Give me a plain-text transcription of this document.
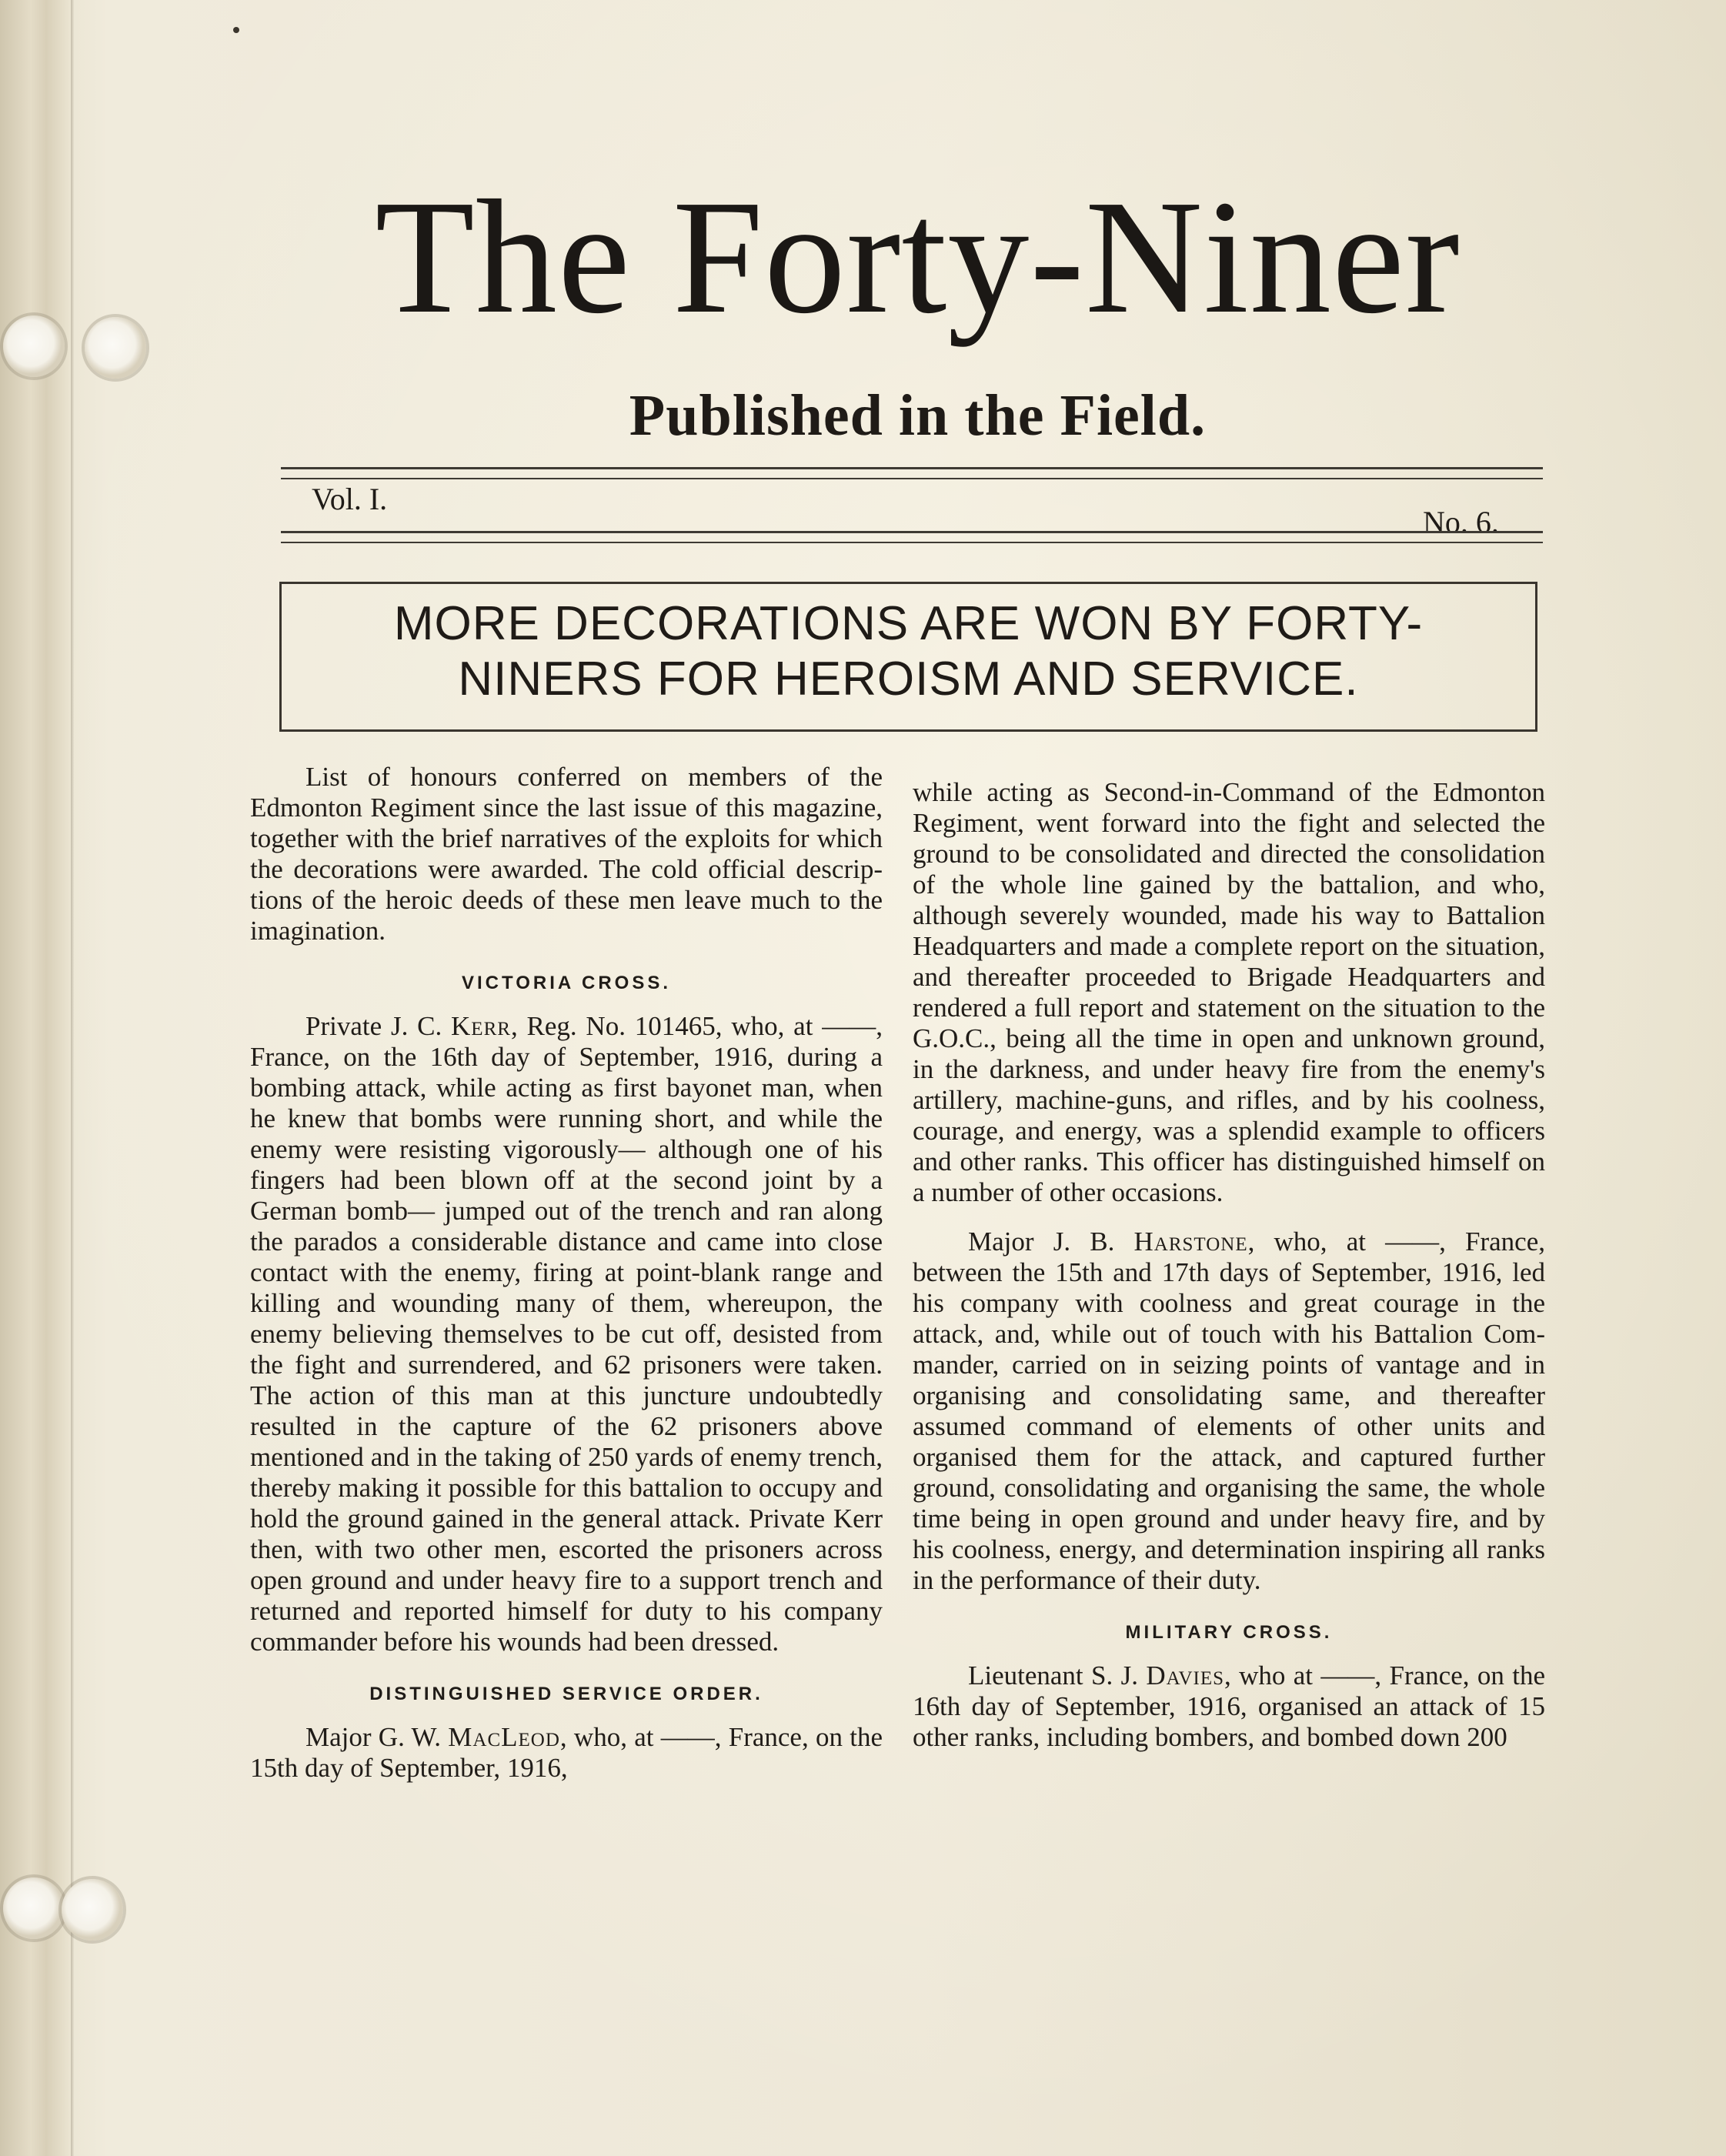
The Forty-Niner
Published in the Field.
Vol. I.
No. 6.
MORE DECORATIONS ARE WON BY FORTY-
NINERS FOR HEROISM AND SERVICE.

List of honours conferred on members of the Edmonton Regiment since the last issue of this magazine, together with the brief narratives of the exploits for which the decorations were awarded. The cold official descriptions of the heroic deeds of these men leave much to the imagination.

VICTORIA CROSS.

Private J. C. Kerr, Reg. No. 101465, who, at ——, France, on the 16th day of September, 1916, during a bombing attack, while acting as first bayonet man, when he knew that bombs were running short, and while the enemy were resisting vigorously— although one of his fingers had been blown off at the second joint by a German bomb— jumped out of the trench and ran along the parados a considerable distance and came into close contact with the enemy, firing at point-blank range and killing and wounding many of them, whereupon, the enemy believing themselves to be cut off, desisted from the fight and surrendered, and 62 prisoners were taken. The action of this man at this juncture undoubtedly resulted in the capture of the 62 prisoners above mentioned and in the taking of 250 yards of enemy trench, thereby making it possible for this battalion to occupy and hold the ground gained in the general attack. Private Kerr then, with two other men, escorted the prisoners across open ground and under heavy fire to a support trench and returned and reported himself for duty to his company commander before his wounds had been dressed.

DISTINGUISHED SERVICE ORDER.

Major G. W. MacLeod, who, at ——, France, on the 15th day of September, 1916,

while acting as Second-in-Command of the Edmonton Regiment, went forward into the fight and selected the ground to be consolidated and directed the consolidation of the whole line gained by the battalion, and who, although severely wounded, made his way to Battalion Headquarters and made a complete report on the situation, and thereafter proceeded to Brigade Headquarters and rendered a full report and statement on the situation to the G.O.C., being all the time in open and unknown ground, in the darkness, and under heavy fire from the enemy's artillery, machine-guns, and rifles, and by his coolness, courage, and energy, was a splendid example to officers and other ranks. This officer has distinguished himself on a number of other occasions.

Major J. B. Harstone, who, at ——, France, between the 15th and 17th days of September, 1916, led his company with coolness and great courage in the attack, and, while out of touch with his Battalion Commander, carried on in seizing points of vantage and in organising and consolidating same, and thereafter assumed command of elements of other units and organised them for the attack, and captured further ground, consolidating and organising the same, the whole time being in open ground and under heavy fire, and by his coolness, energy, and determination inspiring all ranks in the performance of their duty.

MILITARY CROSS.

Lieutenant S. J. Davies, who at ——, France, on the 16th day of September, 1916, organised an attack of 15 other ranks, including bombers, and bombed down 200
